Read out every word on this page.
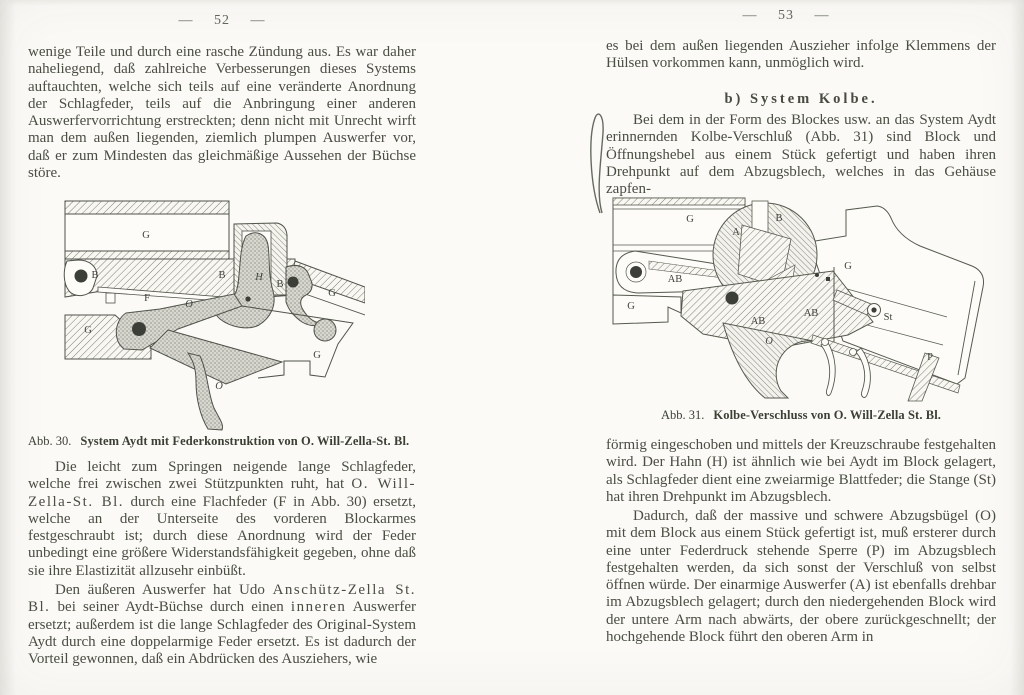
— 52 —

wenige Teile und durch eine rasche Zündung aus. Es war daher naheliegend, daß zahlreiche Verbesserungen dieses Systems auftauchten, welche sich teils auf eine veränderte Anordnung der Schlagfeder, teils auf die Anbringung einer anderen Auswerfervorrichtung erstreckten; denn nicht mit Unrecht wirft man dem außen liegenden, ziemlich plumpen Auswerfer vor, daß er zum Mindesten das gleichmäßige Aussehen der Büchse störe.

G
B	B	H
B
G
F
O
G
G
O
Abb. 30. System Aydt mit Federkonstruktion von O. Will-Zella-St. Bl.

Die leicht zum Springen neigende lange Schlagfeder, welche frei zwischen zwei Stützpunkten ruht, hat O. Will-Zella-St. Bl. durch eine Flachfeder (F in Abb. 30) ersetzt, welche an der Unterseite des vorderen Blockarmes festgeschraubt ist; durch diese Anordnung wird der Feder unbedingt eine größere Widerstandsfähigkeit gegeben, ohne daß sie ihre Elastizität allzusehr einbüßt.

Den äußeren Auswerfer hat Udo Anschütz-Zella St. Bl. bei seiner Aydt-Büchse durch einen inneren Auswerfer ersetzt; außerdem ist die lange Schlagfeder des Original-System Aydt durch eine doppelarmige Feder ersetzt. Es ist dadurch der Vorteil gewonnen, daß ein Abdrücken des Ausziehers, wie

— 53 —

es bei dem außen liegenden Auszieher infolge Klemmens der Hülsen vorkommen kann, unmöglich wird.

b) System Kolbe.

Bei dem in der Form des Blockes usw. an das System Aydt erinnernden Kolbe-Verschluß (Abb. 31) sind Block und Öffnungshebel aus einem Stück gefertigt und haben ihren Drehpunkt auf dem Abzugsblech, welches in das Gehäuse zapfen-

G	B
A
G
AB
G
AB
AB
O
St
P
Abb. 31. Kolbe-Verschluss von O. Will-Zella St. Bl.

förmig eingeschoben und mittels der Kreuzschraube festgehalten wird. Der Hahn (H) ist ähnlich wie bei Aydt im Block gelagert, als Schlagfeder dient eine zweiarmige Blattfeder; die Stange (St) hat ihren Drehpunkt im Abzugsblech.

Dadurch, daß der massive und schwere Abzugsbügel (O) mit dem Block aus einem Stück gefertigt ist, muß ersterer durch eine unter Federdruck stehende Sperre (P) im Abzugsblech festgehalten werden, da sich sonst der Verschluß von selbst öffnen würde. Der einarmige Auswerfer (A) ist ebenfalls drehbar im Abzugsblech gelagert; durch den niedergehenden Block wird der untere Arm nach abwärts, der obere zurückgeschnellt; der hochgehende Block führt den oberen Arm in
